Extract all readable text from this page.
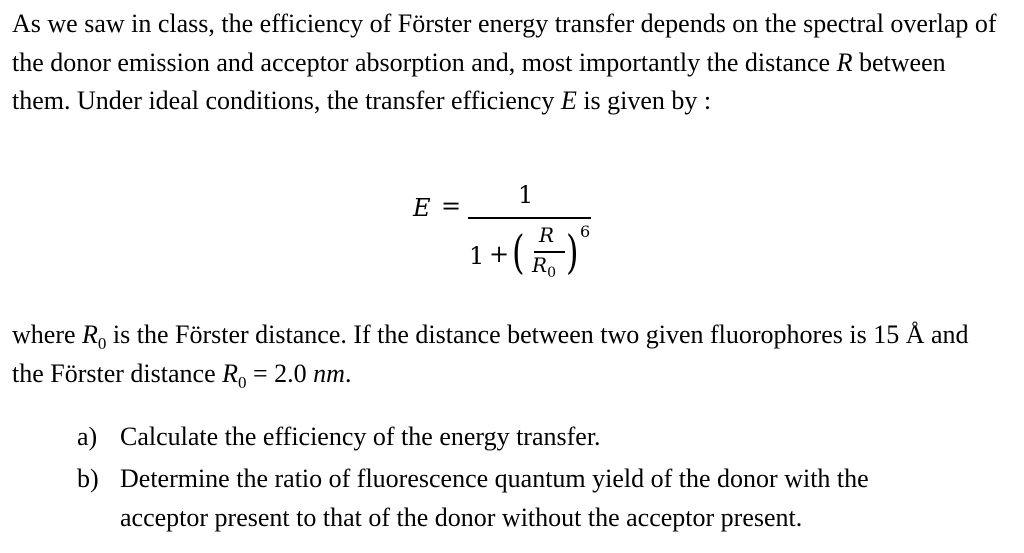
As we saw in class, the efficiency of Förster energy transfer depends on the spectral overlap of the donor emission and acceptor absorption and, most importantly the distance R between them. Under ideal conditions, the transfer efficiency E is given by :

E = 1
1 + ( R
$R_0$ ) 6

where $R_0$ is the Förster distance. If the distance between two given fluorophores is 15 Å and the Förster distance $R_0 = 2.0$ nm.

a) Calculate the efficiency of the energy transfer.
b) Determine the ratio of fluorescence quantum yield of the donor with the acceptor present to that of the donor without the acceptor present.
